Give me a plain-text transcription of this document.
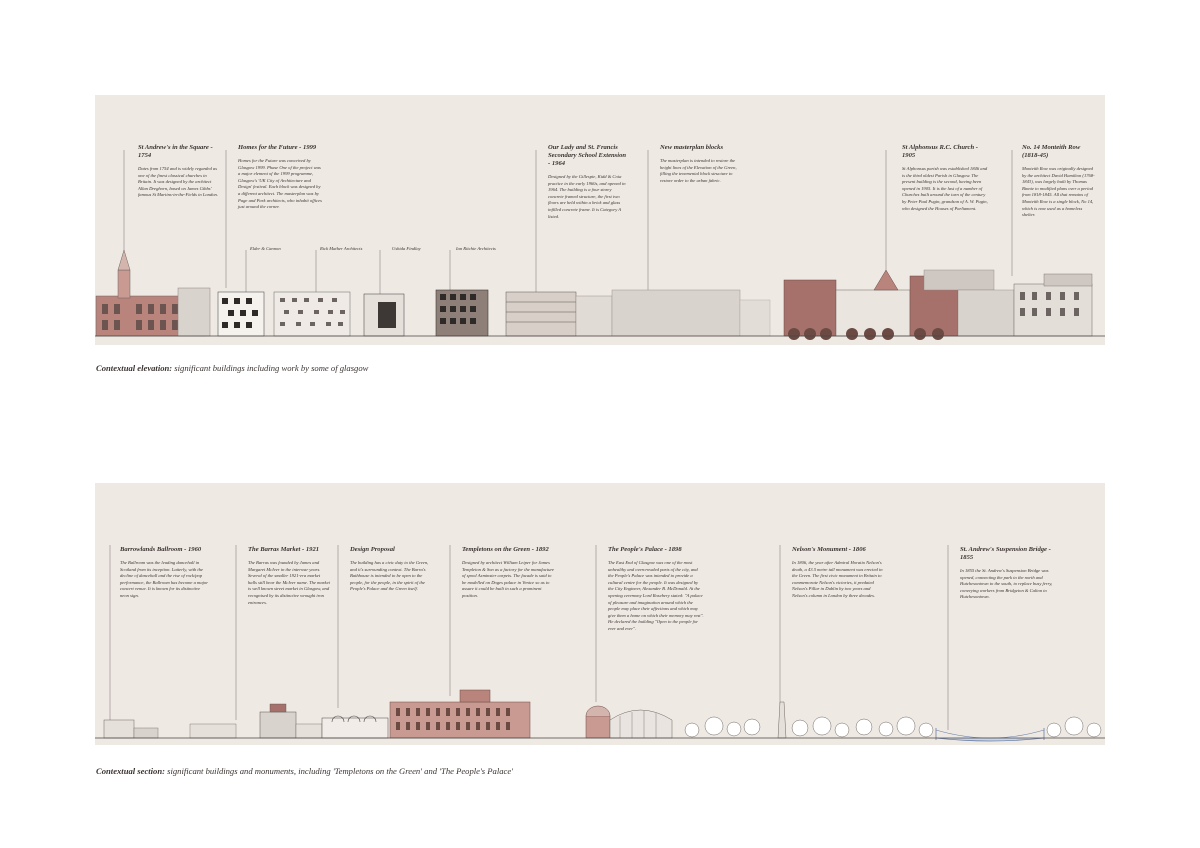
St Andrew's in the Square - 1754

Dates from 1754 and is widely regarded as one of the finest classical churches in Britain. It was designed by the architect Allan Dreghorn, based on James Gibbs' famous St Martins-in-the-Fields in London.

Homes for the Future - 1999

Homes for the Future was conceived by Glasgow 1999. Phase One of the project was a major element of the 1999 programme, Glasgow's 'UK City of Architecture and Design' festival. Each block was designed by a different architect. The masterplan was by Page and Park architects, who inhabit offices just around the corner.

Our Lady and St. Francis Secondary School Extension - 1964

Designed by the Gillespie, Kidd & Coia practice in the early 1960s, and opened in 1964. The building is a four storey concrete framed structure, the first two floors are held within a brick and glass infilled concrete frame. It is Category A listed.

New masterplan blocks

The masterplan is intended to restore the height lines of the Elevation of the Green, filling the tenemental block structure to restore order to the urban fabric.

St Alphonsus R.C. Church - 1905

St Alphonsus parish was established 1846 and is the third oldest Parish in Glasgow. The present building is the second, having been opened in 1905. It is the last of a number of Churches built around the turn of the century by Peter Paul Pugin, grandson of A. W. Pugin, who designed the Houses of Parliament.

No. 14 Monteith Row (1818-45)

Monteith Row was originally designed by the architect David Hamilton (1768-1843), was largely built by Thomas Binnie to modified plans over a period from 1818-1845. All that remains of Monteith Row is a single block, No 14, which is now used as a homeless shelter.

Elder & Cannon	Rick Mather Architects	Ushida Findlay	Ian Ritchie Architects
Contextual elevation: significant buildings including work by some of glasgow

Barrowlands Ballroom - 1960

The Ballroom was the leading dancehall in Scotland from its inception. Latterly, with the decline of dancehall and the rise of rock/pop performance, the Ballroom has become a major concert venue. It is known for its distinctive neon sign.

The Barras Market - 1921

The Barras was founded by James and Margaret McIver in the interwar years. Several of the smaller 1921-era market halls still bear the McIver name. The market is well known street market in Glasgow, and recognised by its distinctive wrought iron entrances.

Design Proposal

The building has a civic duty to the Green, and it's surrounding context. The Barra's Bathhouse is intended to be open to the people, for the people, in the spirit of the People's Palace and the Green itself.

Templetons on the Green - 1892

Designed by architect William Leiper for James Templeton & Son as a factory for the manufacture of spool Axminster carpets. The facade is said to be modelled on Doges palace in Venice so as to assure it could be built in such a prominent position.

The People's Palace - 1898

The East End of Glasgow was one of the most unhealthy and overcrowded parts of the city, and the People's Palace was intended to provide a cultural centre for the people. It was designed by the City Engineer, Alexander B. McDonald. At the opening ceremony Lord Rosebery stated: "A palace of pleasure and imagination around which the people may place their affections and which may give them a home on which their memory may rest". He declared the building "Open to the people for ever and ever".

Nelson's Monument - 1806

In 1806, the year after Admiral Horatio Nelson's death, a 43.5 metre tall monument was erected in the Green. The first civic monument in Britain to commemorate Nelson's victories, it predated Nelson's Pillar in Dublin by two years and Nelson's column in London by three decades.

St. Andrew's Suspension Bridge - 1855

In 1855 the St. Andrew's Suspension Bridge was opened, connecting the park to the north and Hutchesontown to the south, to replace busy ferry, conveying workers from Bridgeton & Calton to Hutchesontown.

Contextual section: significant buildings and monuments, including 'Templetons on the Green' and 'The People's Palace'
